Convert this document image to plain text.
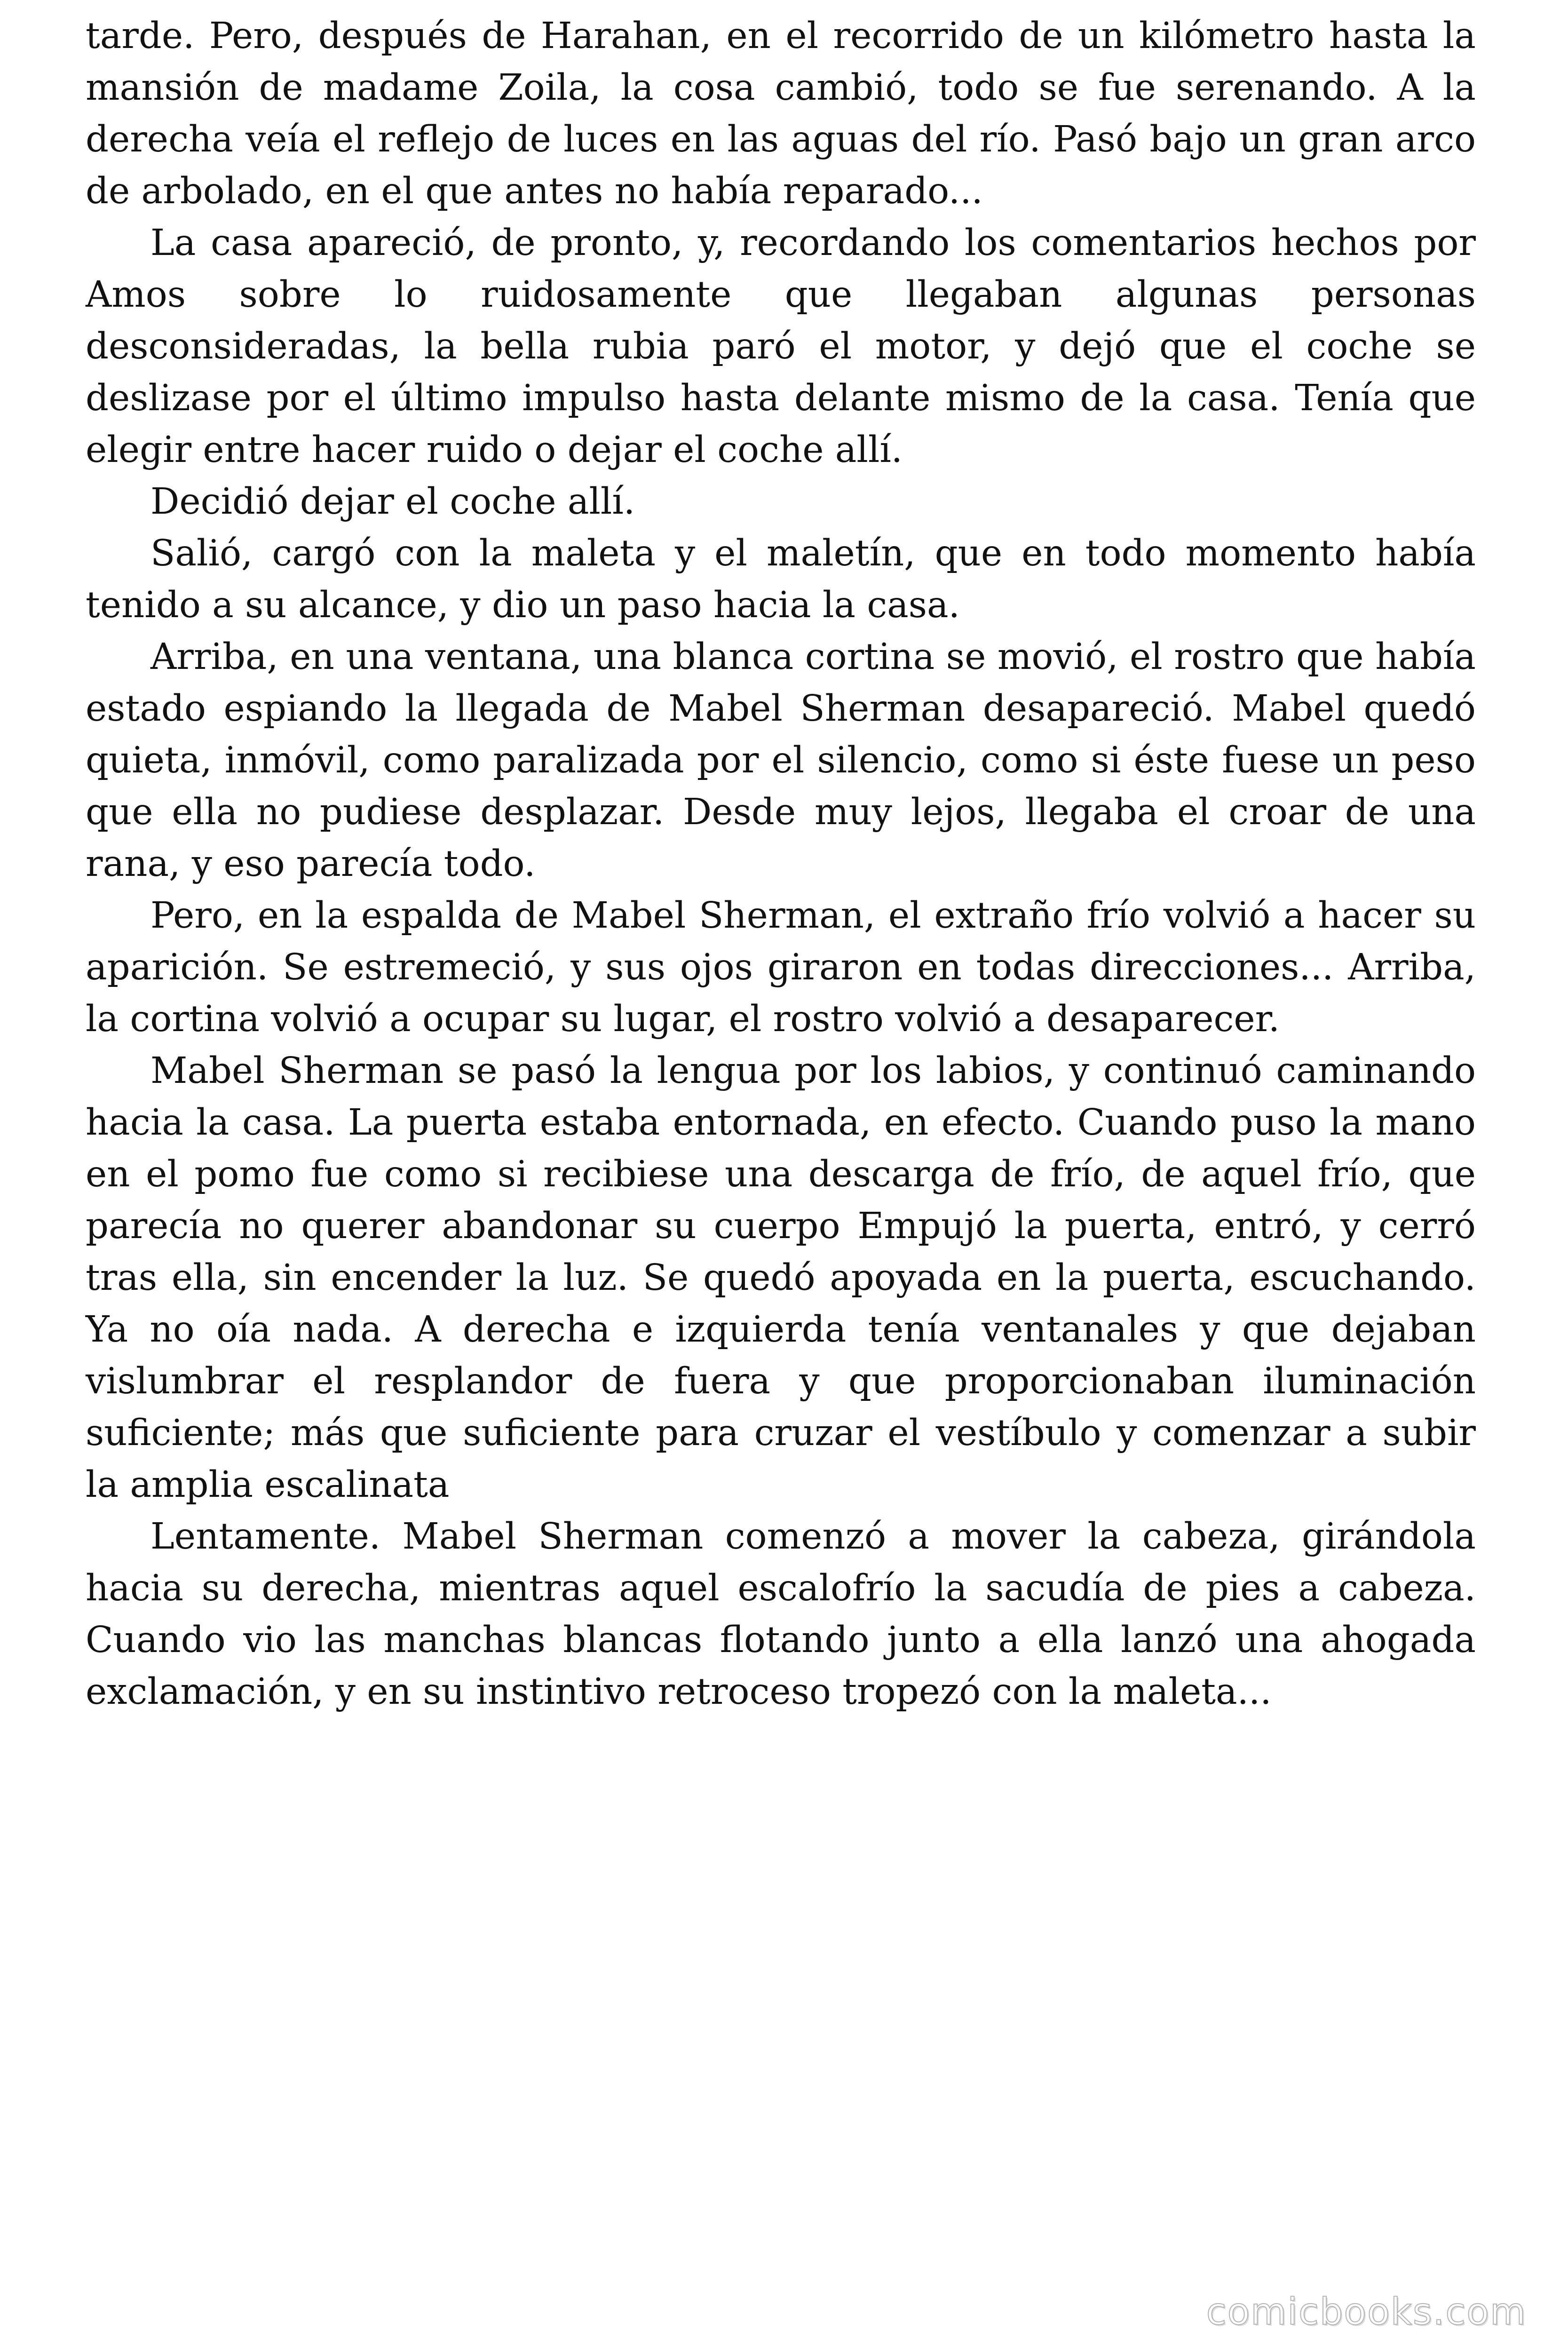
tarde. Pero, después de Harahan, en el recorrido de un kilómetro hasta la mansión de madame Zoila, la cosa cambió, todo se fue serenando. A la derecha veía el reflejo de luces en las aguas del río. Pasó bajo un gran arco de arbolado, en el que antes no había reparado...

La casa apareció, de pronto, y, recordando los comentarios hechos por Amos sobre lo ruidosamente que llegaban algunas personas desconsideradas, la bella rubia paró el motor, y dejó que el coche se deslizase por el último impulso hasta delante mismo de la casa. Tenía que elegir entre hacer ruido o dejar el coche allí.

Decidió dejar el coche allí.

Salió, cargó con la maleta y el maletín, que en todo momento había tenido a su alcance, y dio un paso hacia la casa.

Arriba, en una ventana, una blanca cortina se movió, el rostro que había estado espiando la llegada de Mabel Sherman desapareció. Mabel quedó quieta, inmóvil, como paralizada por el silencio, como si éste fuese un peso que ella no pudiese desplazar. Desde muy lejos, llegaba el croar de una rana, y eso parecía todo.

Pero, en la espalda de Mabel Sherman, el extraño frío volvió a hacer su aparición. Se estremeció, y sus ojos giraron en todas direcciones... Arriba, la cortina volvió a ocupar su lugar, el rostro volvió a desaparecer.

Mabel Sherman se pasó la lengua por los labios, y continuó caminando hacia la casa. La puerta estaba entornada, en efecto. Cuando puso la mano en el pomo fue como si recibiese una descarga de frío, de aquel frío, que parecía no querer abandonar su cuerpo Empujó la puerta, entró, y cerró tras ella, sin encender la luz. Se quedó apoyada en la puerta, escuchando. Ya no oía nada. A derecha e izquierda tenía ventanales y que dejaban vislumbrar el resplandor de fuera y que proporcionaban iluminación suficiente; más que suficiente para cruzar el vestíbulo y comenzar a subir la amplia escalinata

Lentamente. Mabel Sherman comenzó a mover la cabeza, girándola hacia su derecha, mientras aquel escalofrío la sacudía de pies a cabeza. Cuando vio las manchas blancas flotando junto a ella lanzó una ahogada exclamación, y en su instintivo retroceso tropezó con la maleta...

comicbooks.com
